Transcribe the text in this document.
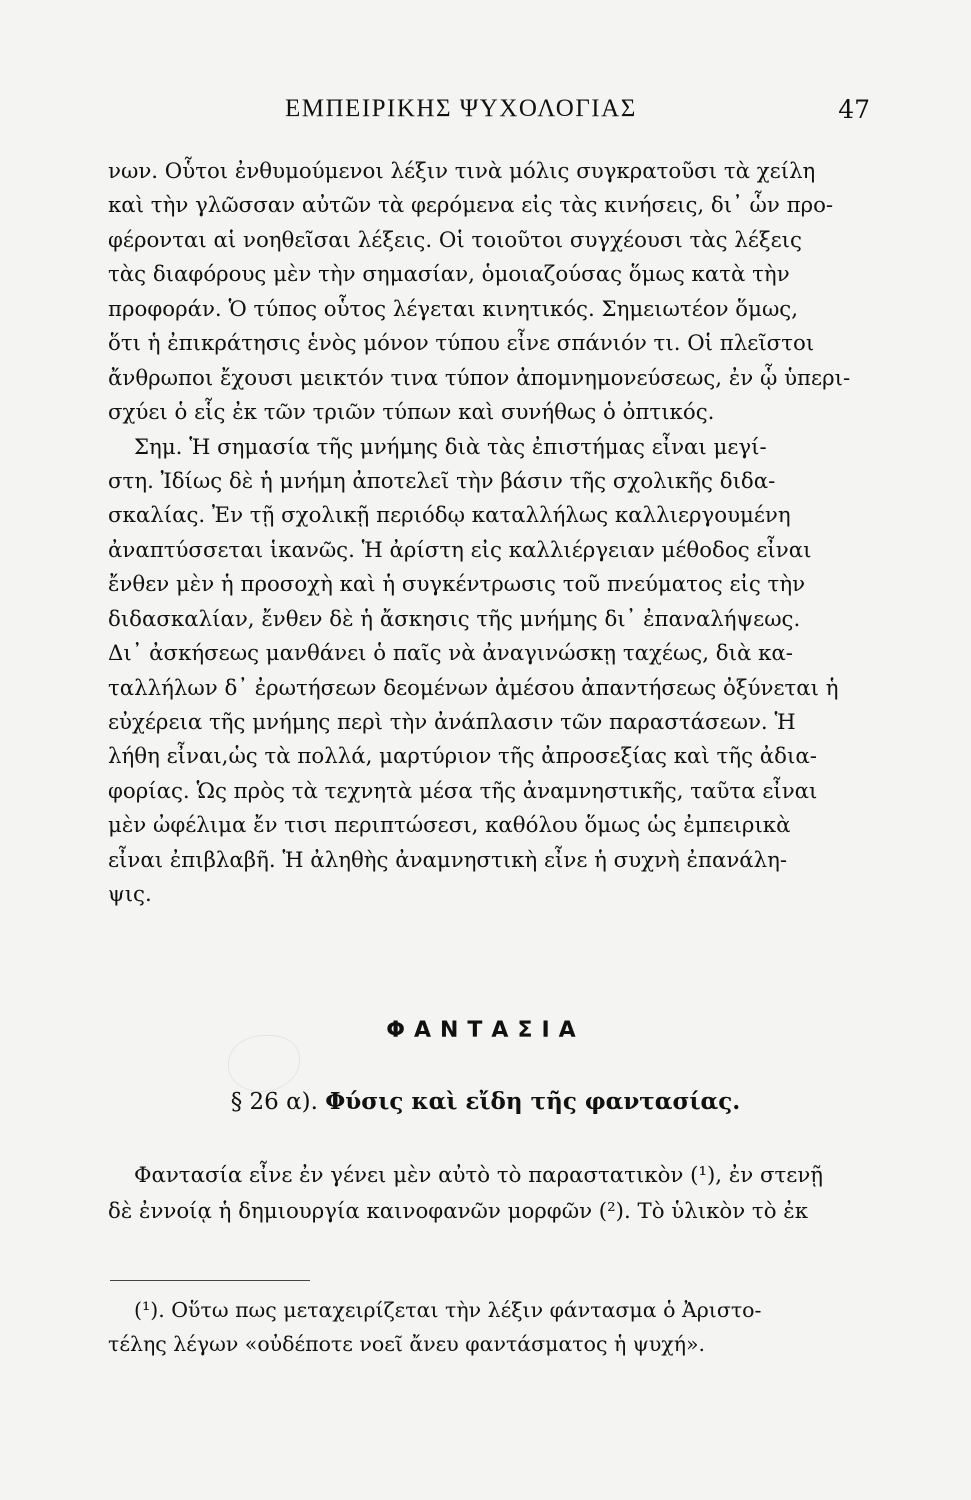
ΕΜΠΕΙΡΙΚΗΣ ΨΥΧΟΛΟΓΙΑΣ	47
νων. Οὗτοι ἐνθυμούμενοι λέξιν τινὰ μόλις συγκρατοῦσι τὰ χείλη
καὶ τὴν γλῶσσαν αὐτῶν τὰ φερόμενα εἰς τὰς κινήσεις, δι᾽ ὧν προ-
φέρονται αἱ νοηθεῖσαι λέξεις. Οἱ τοιοῦτοι συγχέουσι τὰς λέξεις
τὰς διαφόρους μὲν τὴν σημασίαν, ὁμοιαζούσας ὅμως κατὰ τὴν
προφοράν. Ὁ τύπος οὗτος λέγεται κινητικός. Σημειωτέον ὅμως,
ὅτι ἡ ἐπικράτησις ἑνὸς μόνον τύπου εἶνε σπάνιόν τι. Οἱ πλεῖστοι
ἄνθρωποι ἔχουσι μεικτόν τινα τύπον ἀπομνημονεύσεως, ἐν ᾧ ὑπερι-
σχύει ὁ εἷς ἐκ τῶν τριῶν τύπων καὶ συνήθως ὁ ὀπτικός.
Σημ. Ἡ σημασία τῆς μνήμης διὰ τὰς ἐπιστήμας εἶναι μεγί-
στη. Ἰδίως δὲ ἡ μνήμη ἀποτελεῖ τὴν βάσιν τῆς σχολικῆς διδα-
σκαλίας. Ἐν τῇ σχολικῇ περιόδῳ καταλλήλως καλλιεργουμένη
ἀναπτύσσεται ἱκανῶς. Ἡ ἀρίστη εἰς καλλιέργειαν μέθοδος εἶναι
ἔνθεν μὲν ἡ προσοχὴ καὶ ἡ συγκέντρωσις τοῦ πνεύματος εἰς τὴν
διδασκαλίαν, ἔνθεν δὲ ἡ ἄσκησις τῆς μνήμης δι᾽ ἐπαναλήψεως.
Δι᾽ ἀσκήσεως μανθάνει ὁ παῖς νὰ ἀναγινώσκῃ ταχέως, διὰ κα-
ταλλήλων δ᾽ ἐρωτήσεων δεομένων ἀμέσου ἀπαντήσεως ὀξύνεται ἡ
εὐχέρεια τῆς μνήμης περὶ τὴν ἀνάπλασιν τῶν παραστάσεων. Ἡ
λήθη εἶναι,ὡς τὰ πολλά, μαρτύριον τῆς ἀπροσεξίας καὶ τῆς ἀδια-
φορίας. Ὡς πρὸς τὰ τεχνητὰ μέσα τῆς ἀναμνηστικῆς, ταῦτα εἶναι
μὲν ὠφέλιμα ἔν τισι περιπτώσεσι, καθόλου ὅμως ὡς ἐμπειρικὰ
εἶναι ἐπιβλαβῆ. Ἡ ἀληθὴς ἀναμνηστικὴ εἶνε ἡ συχνὴ ἐπανάλη-
ψις.
ΦΑΝΤΑΣΙΑ
§ 26 α). Φύσις καὶ εἴδη τῆς φαντασίας.
Φαντασία εἶνε ἐν γένει μὲν αὐτὸ τὸ παραστατικὸν (¹), ἐν στενῇ
δὲ ἐννοίᾳ ἡ δημιουργία καινοφανῶν μορφῶν (²). Τὸ ὑλικὸν τὸ ἐκ
(¹). Οὕτω πως μεταχειρίζεται τὴν λέξιν φάντασμα ὁ Ἀριστο-
τέλης λέγων «οὐδέποτε νοεῖ ἄνευ φαντάσματος ἡ ψυχή».
